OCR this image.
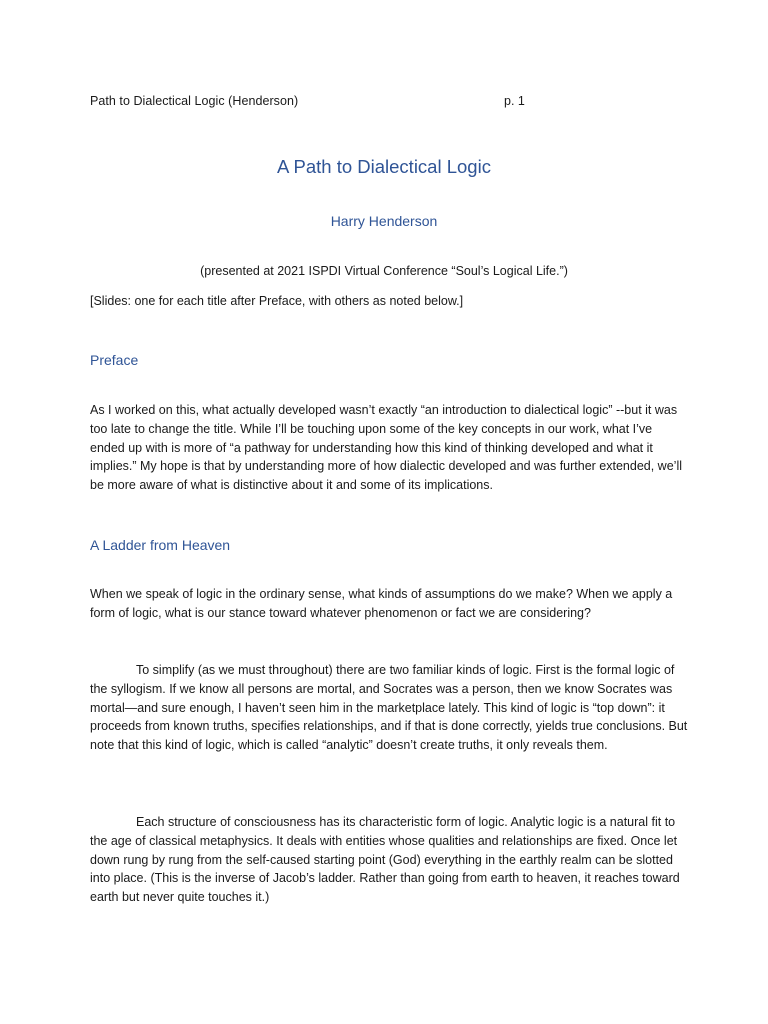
Path to Dialectical Logic (Henderson)	p. 1
A Path to Dialectical Logic
Harry Henderson
(presented at 2021 ISPDI Virtual Conference “Soul’s Logical Life.”)
[Slides: one for each title after Preface, with others as noted below.]
Preface
As I worked on this, what actually developed wasn’t exactly “an introduction to dialectical logic” --but it was too late to change the title. While I’ll be touching upon some of the key concepts in our work, what I’ve ended up with is more of “a pathway for understanding how this kind of thinking developed and what it implies.” My hope is that by understanding more of how dialectic developed and was further extended, we’ll be more aware of what is distinctive about it and some of its implications.
A Ladder from Heaven
When we speak of logic in the ordinary sense, what kinds of assumptions do we make? When we apply a form of logic, what is our stance toward whatever phenomenon or fact we are considering?
To simplify (as we must throughout) there are two familiar kinds of logic. First is the formal logic of the syllogism. If we know all persons are mortal, and Socrates was a person, then we know Socrates was mortal—and sure enough, I haven’t seen him in the marketplace lately. This kind of logic is “top down”: it proceeds from known truths, specifies relationships, and if that is done correctly, yields true conclusions. But note that this kind of logic, which is called “analytic” doesn’t create truths, it only reveals them.
Each structure of consciousness has its characteristic form of logic. Analytic logic is a natural fit to the age of classical metaphysics. It deals with entities whose qualities and relationships are fixed. Once let down rung by rung from the self-caused starting point (God) everything in the earthly realm can be slotted into place. (This is the inverse of Jacob’s ladder. Rather than going from earth to heaven, it reaches toward earth but never quite touches it.)
